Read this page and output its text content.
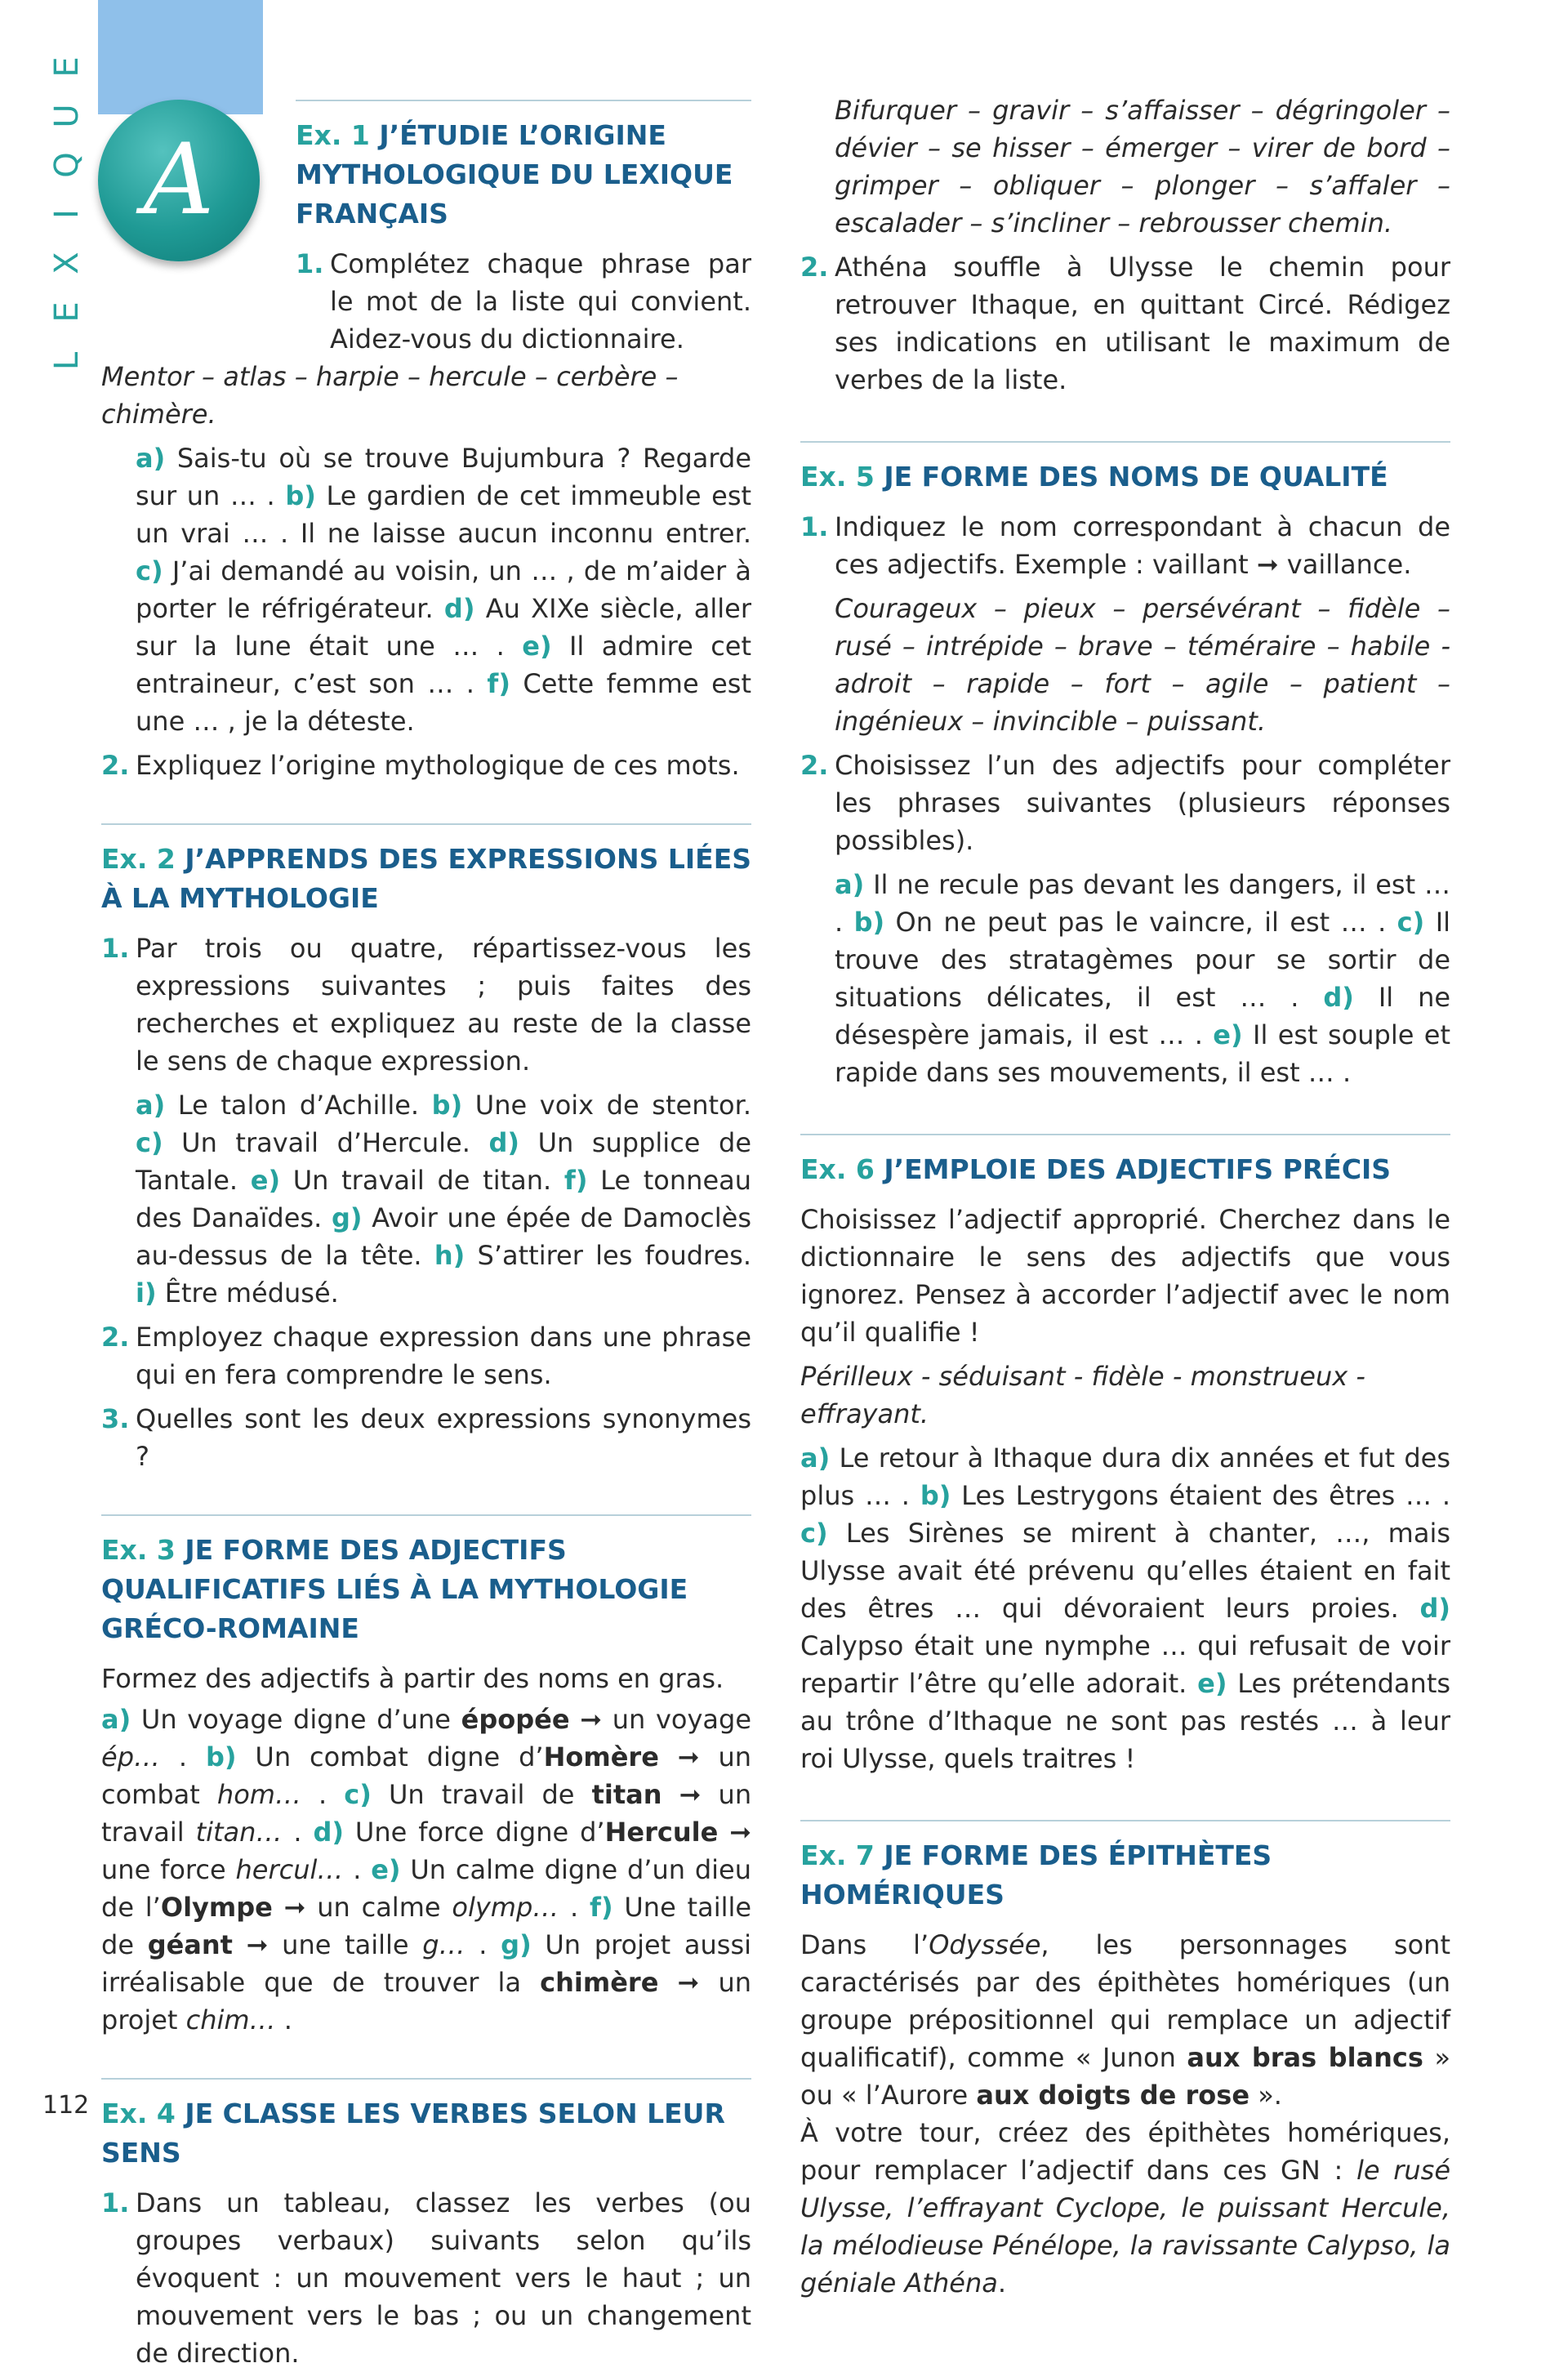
E
U
Q
I
X
E
L
A	Ex. 1 J’ÉTUDIE L’ORIGINE MYTHOLOGIQUE DU LEXIQUE FRANÇAIS
1. Complétez chaque phrase par le mot de la liste qui convient. Aidez-vous du dictionnaire.
Mentor – atlas – harpie – hercule – cerbère – chimère.
a) Sais-tu où se trouve Bujumbura ? Regarde sur un … . b) Le gardien de cet immeuble est un vrai … . Il ne laisse aucun inconnu entrer. c) J’ai demandé au voisin, un … , de m’aider à porter le réfrigérateur. d) Au XIXe siècle, aller sur la lune était une … . e) Il admire cet entraineur, c’est son … . f) Cette femme est une … , je la déteste.
2. Expliquez l’origine mythologique de ces mots.
Ex. 2 J’APPRENDS DES EXPRESSIONS LIÉES À LA MYTHOLOGIE
1. Par trois ou quatre, répartissez-vous les expressions suivantes ; puis faites des recherches et expliquez au reste de la classe le sens de chaque expression.
a) Le talon d’Achille. b) Une voix de stentor. c) Un travail d’Hercule. d) Un supplice de Tantale. e) Un travail de titan. f) Le tonneau des Danaïdes. g) Avoir une épée de Damoclès au-dessus de la tête. h) S’attirer les foudres. i) Être médusé.
2. Employez chaque expression dans une phrase qui en fera comprendre le sens.
3. Quelles sont les deux expressions synonymes ?
Ex. 3 JE FORME DES ADJECTIFS QUALIFICATIFS LIÉS À LA MYTHOLOGIE GRÉCO-ROMAINE
Formez des adjectifs à partir des noms en gras.
a) Un voyage digne d’une épopée ➞ un voyage ép… . b) Un combat digne d’Homère ➞ un combat hom… . c) Un travail de titan ➞ un travail titan… . d) Une force digne d’Hercule ➞ une force hercul… . e) Un calme digne d’un dieu de l’Olympe ➞ un calme olymp… . f) Une taille de géant ➞ une taille g… . g) Un projet aussi irréalisable que de trouver la chimère ➞ un projet chim… .
Ex. 4 JE CLASSE LES VERBES SELON LEUR SENS
1. Dans un tableau, classez les verbes (ou groupes verbaux) suivants selon qu’ils évoquent : un mouvement vers le haut ; un mouvement vers le bas ; ou un changement de direction.
Bifurquer – gravir – s’affaisser – dégringoler – dévier – se hisser – émerger – virer de bord – grimper – obliquer – plonger – s’affaler – escalader – s’incliner – rebrousser chemin.
2. Athéna souffle à Ulysse le chemin pour retrouver Ithaque, en quittant Circé. Rédigez ses indications en utilisant le maximum de verbes de la liste.
Ex. 5 JE FORME DES NOMS DE QUALITÉ
1. Indiquez le nom correspondant à chacun de ces adjectifs. Exemple : vaillant ➞ vaillance.
Courageux – pieux – persévérant – fidèle – rusé – intrépide – brave – téméraire – habile - adroit – rapide – fort – agile – patient – ingénieux – invincible – puissant.
2. Choisissez l’un des adjectifs pour compléter les phrases suivantes (plusieurs réponses possibles).
a) Il ne recule pas devant les dangers, il est … . b) On ne peut pas le vaincre, il est … . c) Il trouve des stratagèmes pour se sortir de situations délicates, il est … . d) Il ne désespère jamais, il est … . e) Il est souple et rapide dans ses mouvements, il est … .
Ex. 6 J’EMPLOIE DES ADJECTIFS PRÉCIS
Choisissez l’adjectif approprié. Cherchez dans le dictionnaire le sens des adjectifs que vous ignorez. Pensez à accorder l’adjectif avec le nom qu’il qualifie !
Périlleux - séduisant - fidèle - monstrueux - effrayant.
a) Le retour à Ithaque dura dix années et fut des plus … . b) Les Lestrygons étaient des êtres … . c) Les Sirènes se mirent à chanter, …, mais Ulysse avait été prévenu qu’elles étaient en fait des êtres … qui dévoraient leurs proies. d) Calypso était une nymphe … qui refusait de voir repartir l’être qu’elle adorait. e) Les prétendants au trône d’Ithaque ne sont pas restés … à leur roi Ulysse, quels traitres !
Ex. 7 JE FORME DES ÉPITHÈTES HOMÉRIQUES
Dans l’Odyssée, les personnages sont caractérisés par des épithètes homériques (un groupe prépositionnel qui remplace un adjectif qualificatif), comme « Junon aux bras blancs » ou « l’Aurore aux doigts de rose ».
À votre tour, créez des épithètes homériques, pour remplacer l’adjectif dans ces GN : le rusé Ulysse, l’effrayant Cyclope, le puissant Hercule, la mélodieuse Pénélope, la ravissante Calypso, la géniale Athéna.
112
